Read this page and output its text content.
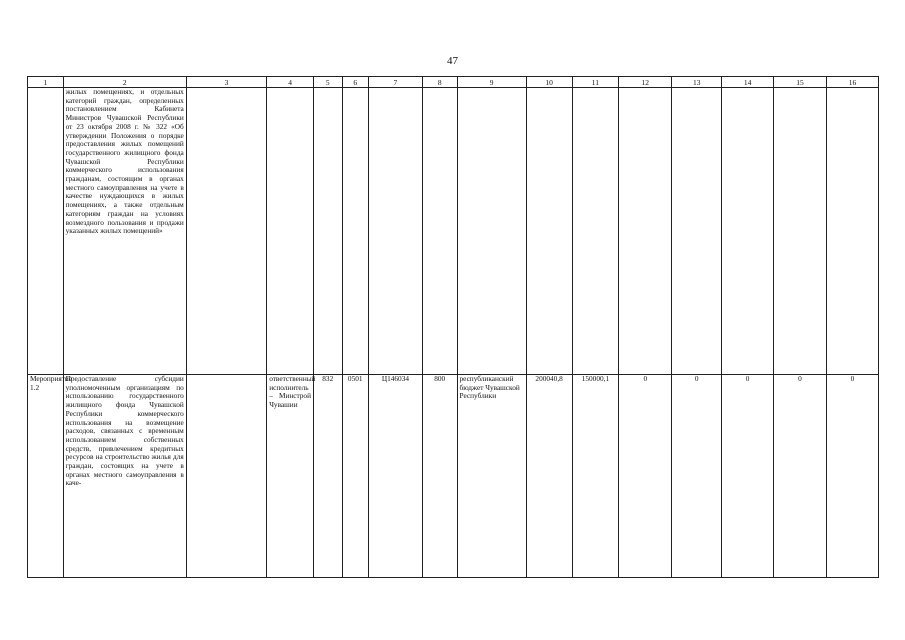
47
1	2	3	4	5	6	7	8	9	10	11	12	13	14	15	16
	жилых помещениях, и отдельных категорий граждан, определенных постановлением Кабинета Министров Чувашской Республики от 23 октября 2008 г. № 322 «Об утверждении Положения о порядке предоставления жилых помещений государственного жилищного фонда Чувашской Республики коммерческого использования гражданам, состоящим в органах местного самоуправления на учете в качестве нуждающихся в жилых помещениях, а также отдельным категориям граждан на условиях возмездного пользования и продажи указанных жилых помещений»														
Мероприятие 1.2	Предоставление субсидии уполномоченным организациям по использованию государственного жилищного фонда Чувашской Республики коммерческого использования на возмещение расходов, связанных с временным использованием собственных средств, привлечением кредитных ресурсов на строительство жилья для граждан, состоящих на учете в органах местного самоуправления в каче-		ответственный исполнитель – Минстрой Чувашии	832	0501	Ц146034	800	республиканский бюджет Чувашской Республики	200040,8	150000,1	0	0	0	0	0
